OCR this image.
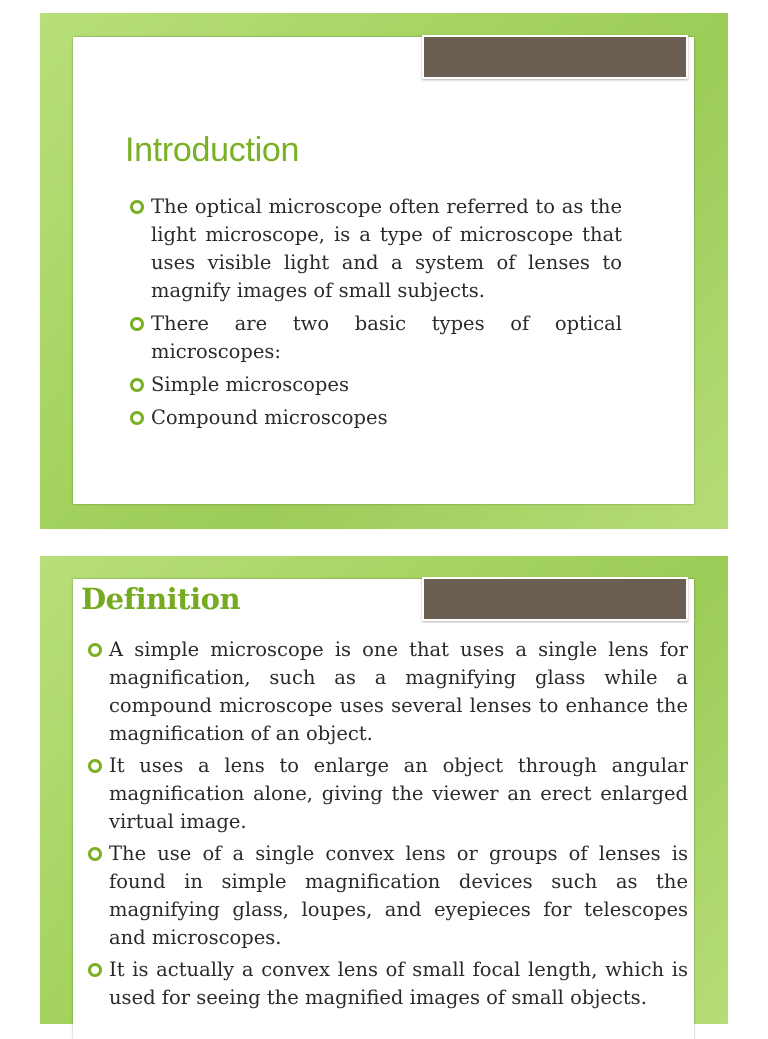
Introduction
The optical microscope often referred to as the light microscope, is a type of microscope that uses visible light and a system of lenses to magnify images of small subjects.
There are two basic types of optical microscopes:
Simple microscopes
Compound microscopes
Definition
A simple microscope is one that uses a single lens for magnification, such as a magnifying glass while a compound microscope uses several lenses to enhance the magnification of an object.
It uses a lens to enlarge an object through angular magnification alone, giving the viewer an erect enlarged virtual image.
The use of a single convex lens or groups of lenses is found in simple magnification devices such as the magnifying glass, loupes, and eyepieces for telescopes and microscopes.
It is actually a convex lens of small focal length, which is used for seeing the magnified images of small objects.
